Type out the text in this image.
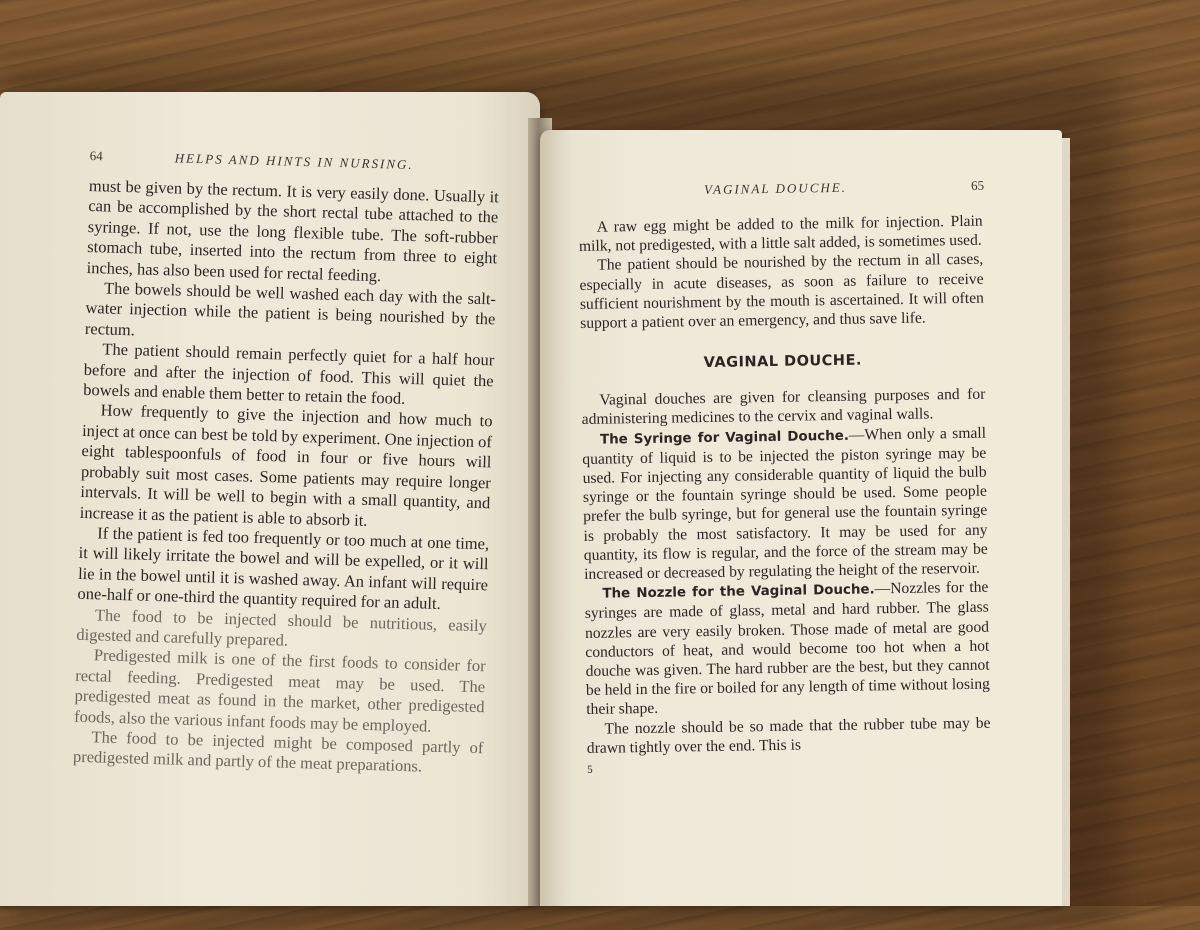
64	HELPS AND HINTS IN NURSING.

must be given by the rectum. It is very easily done. Usually it can be accomplished by the short rectal tube attached to the syringe. If not, use the long flexible tube. The soft-rubber stomach tube, inserted into the rectum from three to eight inches, has also been used for rectal feeding.

The bowels should be well washed each day with the salt-water injection while the patient is being nourished by the rectum.

The patient should remain perfectly quiet for a half hour before and after the injection of food. This will quiet the bowels and enable them better to retain the food.

How frequently to give the injection and how much to inject at once can best be told by experiment. One injection of eight tablespoonfuls of food in four or five hours will probably suit most cases. Some patients may require longer intervals. It will be well to begin with a small quantity, and increase it as the patient is able to absorb it.

If the patient is fed too frequently or too much at one time, it will likely irritate the bowel and will be expelled, or it will lie in the bowel until it is washed away. An infant will require one-half or one-third the quantity required for an adult.

The food to be injected should be nutritious, easily digested and carefully prepared.

Predigested milk is one of the first foods to consider for rectal feeding. Predigested meat may be used. The predigested meat as found in the market, other predigested foods, also the various infant foods may be employed.

The food to be injected might be composed partly of predigested milk and partly of the meat preparations.

VAGINAL DOUCHE.	65

A raw egg might be added to the milk for injection. Plain milk, not predigested, with a little salt added, is sometimes used.

The patient should be nourished by the rectum in all cases, especially in acute diseases, as soon as failure to receive sufficient nourishment by the mouth is ascertained. It will often support a patient over an emergency, and thus save life.

VAGINAL DOUCHE.

Vaginal douches are given for cleansing purposes and for administering medicines to the cervix and vaginal walls.

The Syringe for Vaginal Douche.—When only a small quantity of liquid is to be injected the piston syringe may be used. For injecting any considerable quantity of liquid the bulb syringe or the fountain syringe should be used. Some people prefer the bulb syringe, but for general use the fountain syringe is probably the most satisfactory. It may be used for any quantity, its flow is regular, and the force of the stream may be increased or decreased by regulating the height of the reservoir.

The Nozzle for the Vaginal Douche.—Nozzles for the syringes are made of glass, metal and hard rubber. The glass nozzles are very easily broken. Those made of metal are good conductors of heat, and would become too hot when a hot douche was given. The hard rubber are the best, but they cannot be held in the fire or boiled for any length of time without losing their shape.

The nozzle should be so made that the rubber tube may be drawn tightly over the end. This is

5
